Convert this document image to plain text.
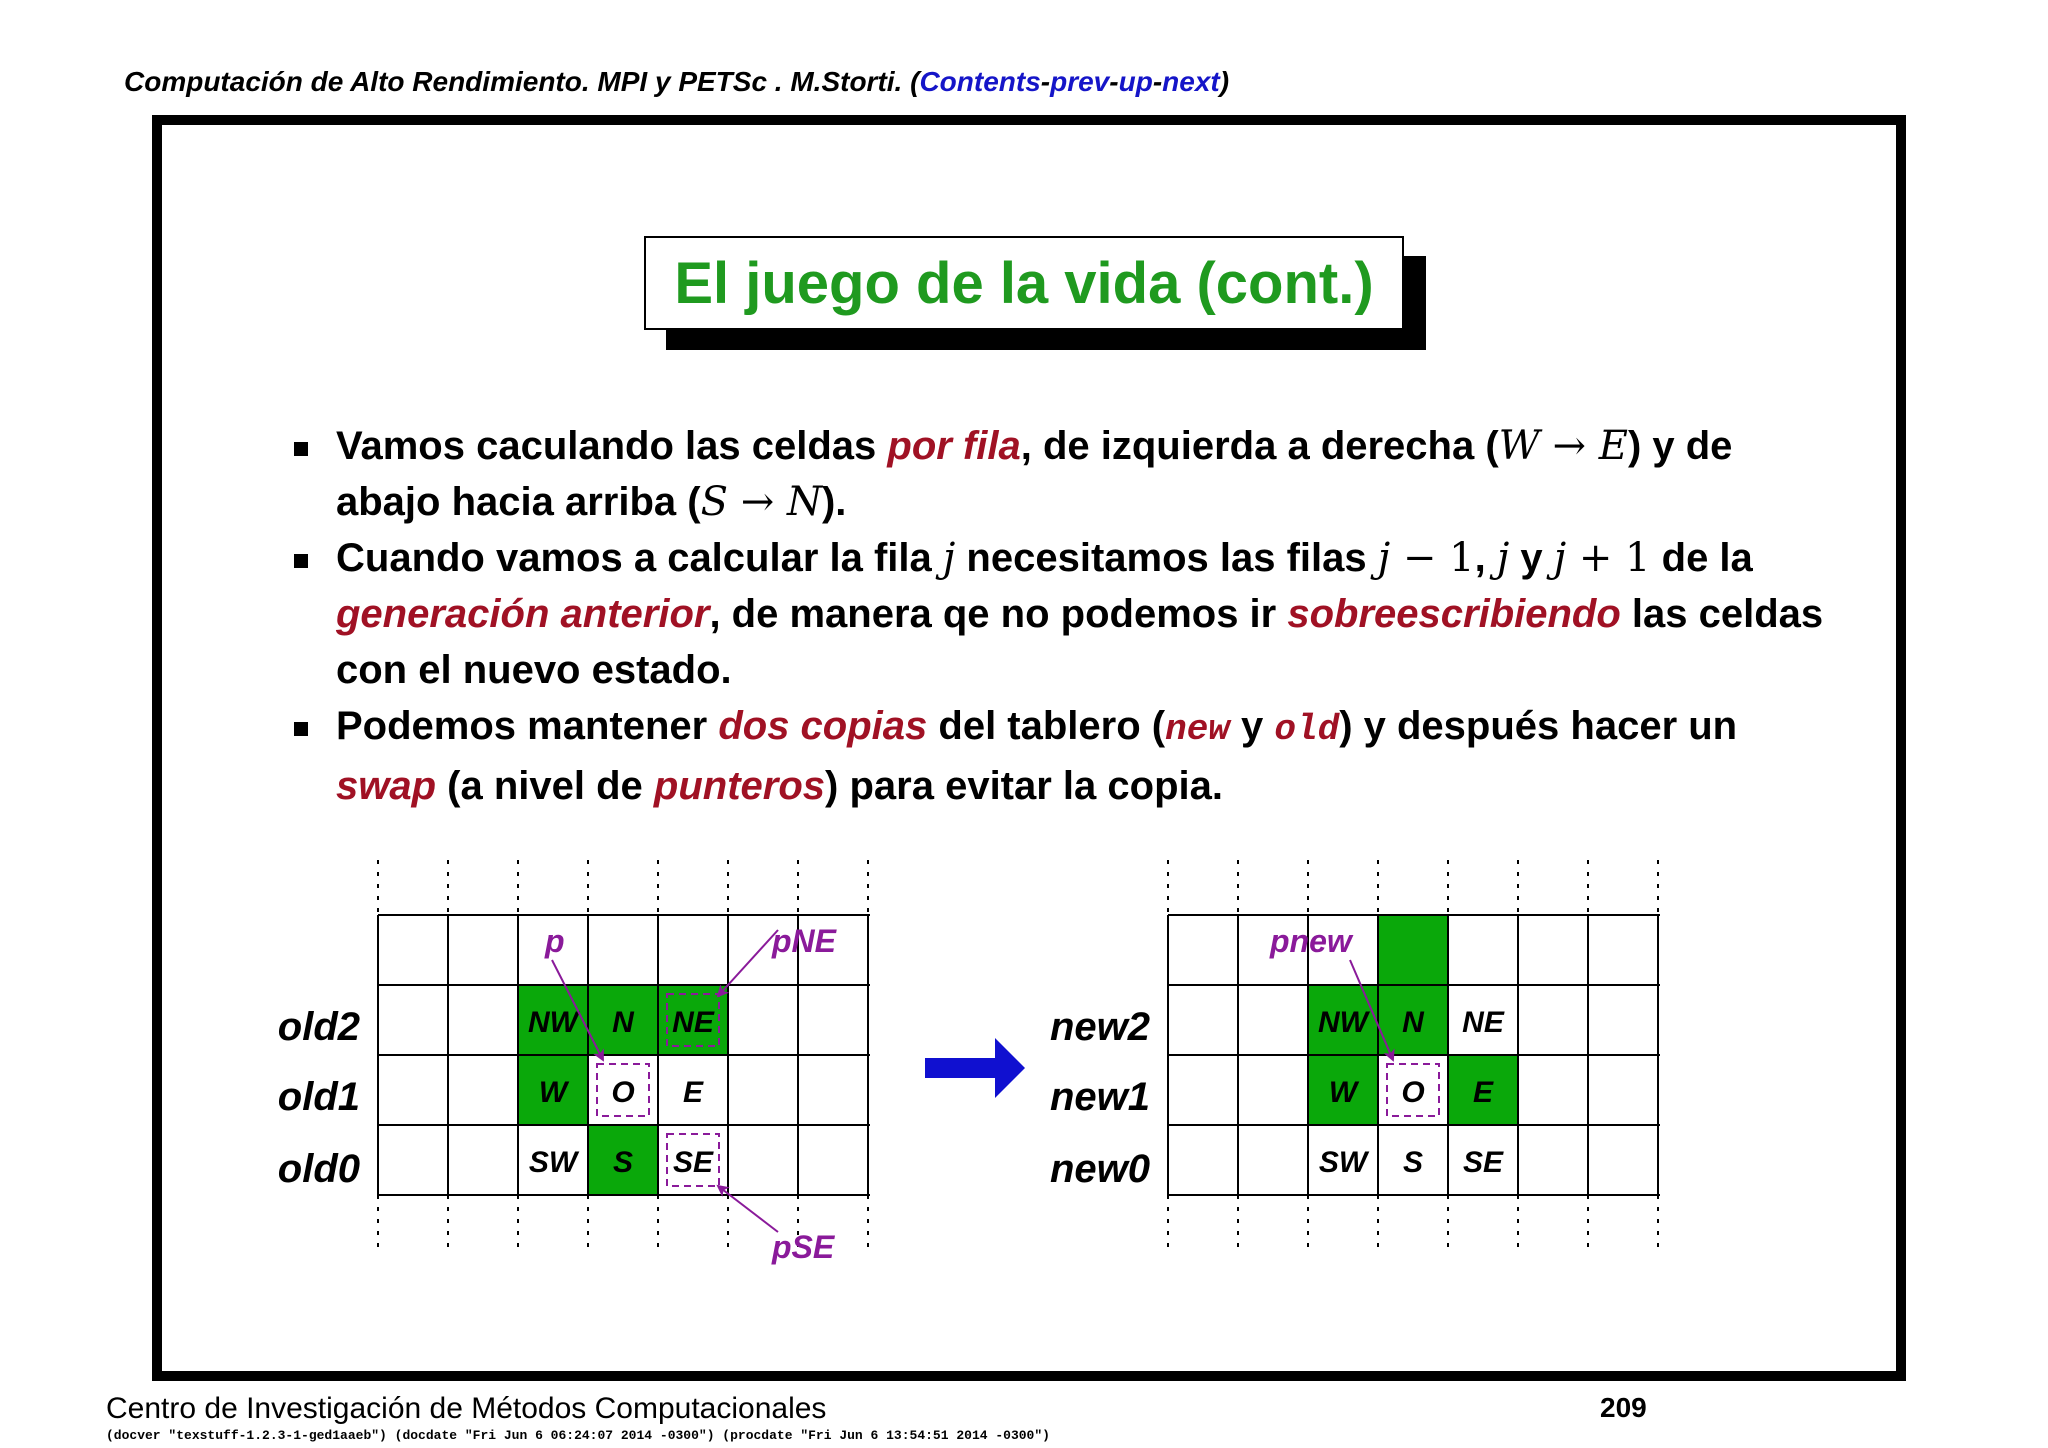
Computación de Alto Rendimiento. MPI y PETSc . M.Storti. (Contents-prev-up-next)
El juego de la vida (cont.)
Vamos caculando las celdas por fila, de izquierda a derecha (W → E) y de abajo hacia arriba (S → N).
Cuando vamos a calcular la fila j necesitamos las filas j − 1, j y j + 1 de la generación anterior, de manera qe no podemos ir sobreescribiendo las celdas con el nuevo estado.
Podemos mantener dos copias del tablero (new y old) y después hacer un swap (a nivel de punteros) para evitar la copia.
NW N NE
W O E
SW S SE
old2
old1
old0
p	pNE
pSE
NW N NE
W O E
SW S SE
new2
new1
new0
pnew
Centro de Investigación de Métodos Computacionales	209
(docver "texstuff-1.2.3-1-ged1aaeb") (docdate "Fri Jun 6 06:24:07 2014 -0300") (procdate "Fri Jun 6 13:54:51 2014 -0300")
